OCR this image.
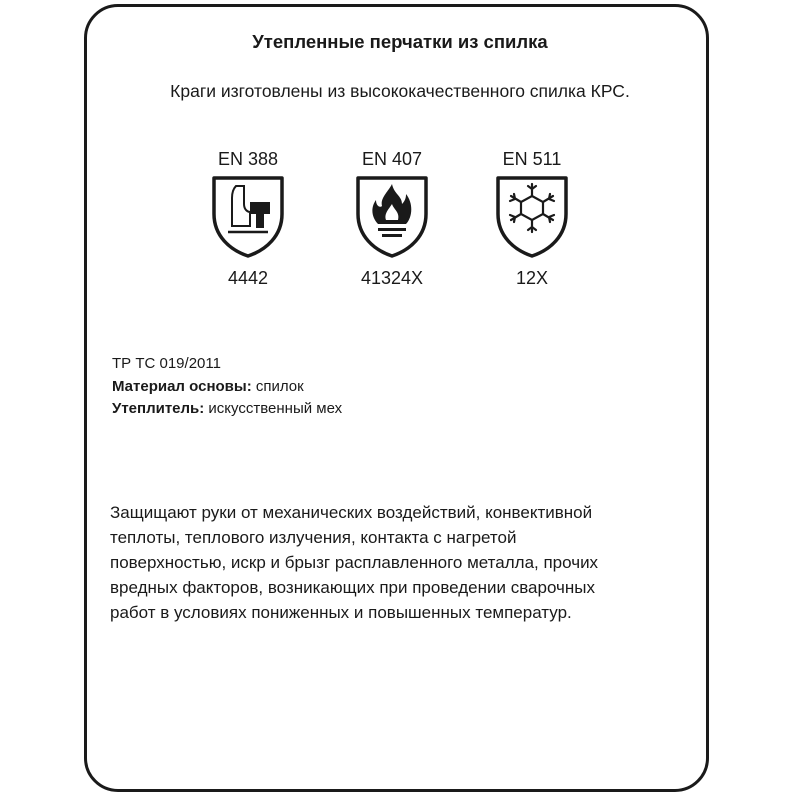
Утепленные перчатки из спилка
Краги изготовлены из высококачественного спилка КРС.
EN 388
4442
EN 407
41324X
EN 511
12X
ТР ТС 019/2011
Материал основы: спилок
Утеплитель: искусственный мех
Защищают руки от механических воздействий, конвективной
теплоты, теплового излучения, контакта с нагретой
поверхностью, искр и брызг расплавленного металла, прочих
вредных факторов, возникающих при проведении сварочных
работ в условиях пониженных и повышенных температур.
